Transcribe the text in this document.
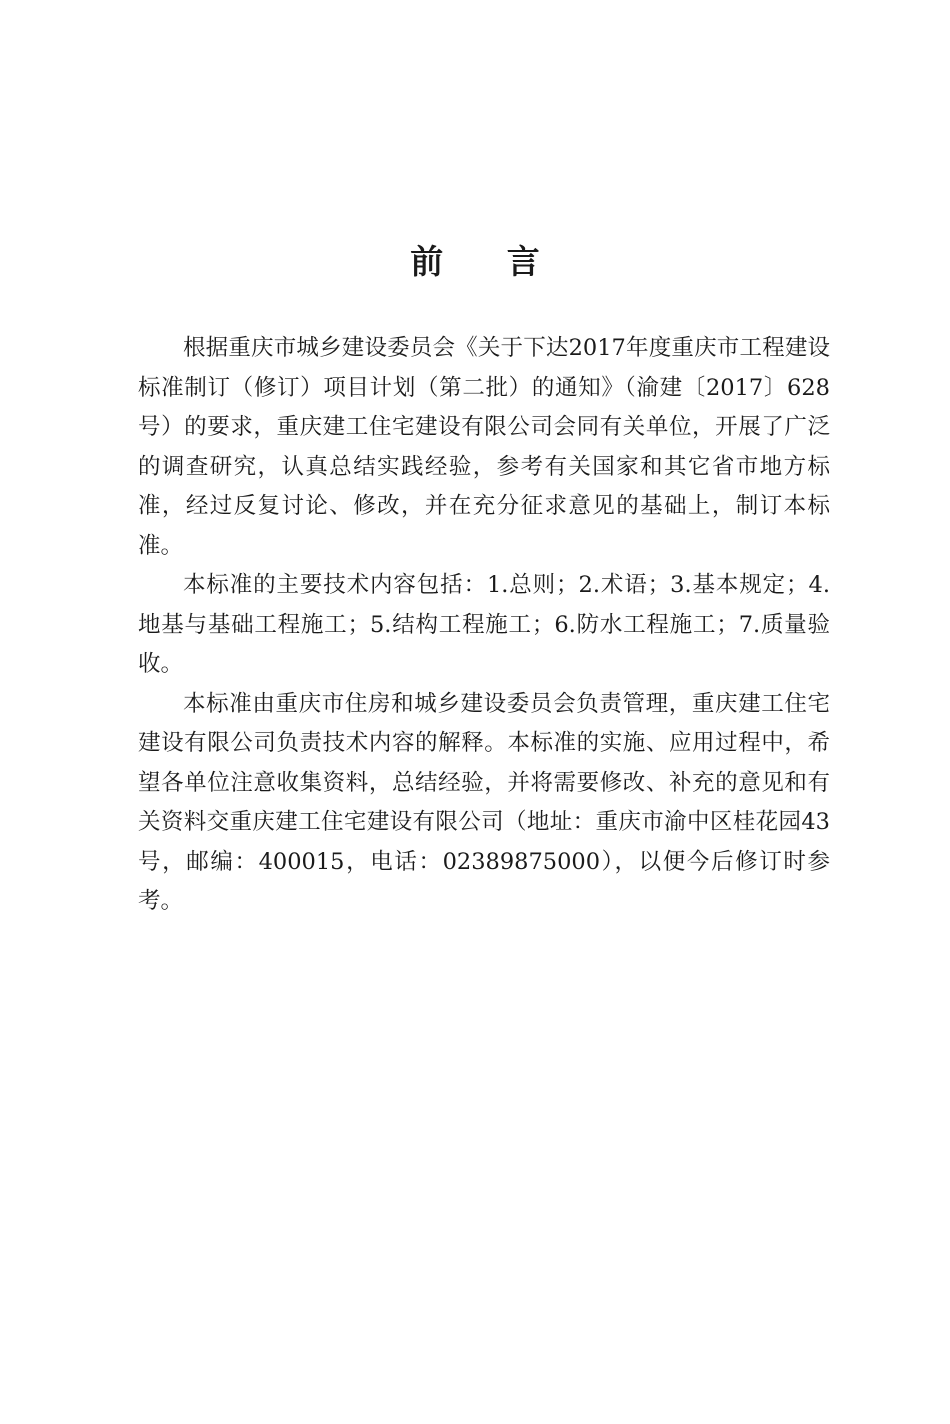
前 言

根据重庆市城乡建设委员会《关于下达2017年度重庆市工程建设标准制订（修订）项目计划（第二批）的通知》（渝建〔2017〕628号）的要求，重庆建工住宅建设有限公司会同有关单位，开展了广泛的调查研究，认真总结实践经验，参考有关国家和其它省市地方标准，经过反复讨论、修改，并在充分征求意见的基础上，制订本标准。

本标准的主要技术内容包括：1.总则；2.术语；3.基本规定；4.地基与基础工程施工；5.结构工程施工；6.防水工程施工；7.质量验收。

本标准由重庆市住房和城乡建设委员会负责管理，重庆建工住宅建设有限公司负责技术内容的解释。本标准的实施、应用过程中，希望各单位注意收集资料，总结经验，并将需要修改、补充的意见和有关资料交重庆建工住宅建设有限公司（地址：重庆市渝中区桂花园43号，邮编：400015，电话：02389875000），以便今后修订时参考。
